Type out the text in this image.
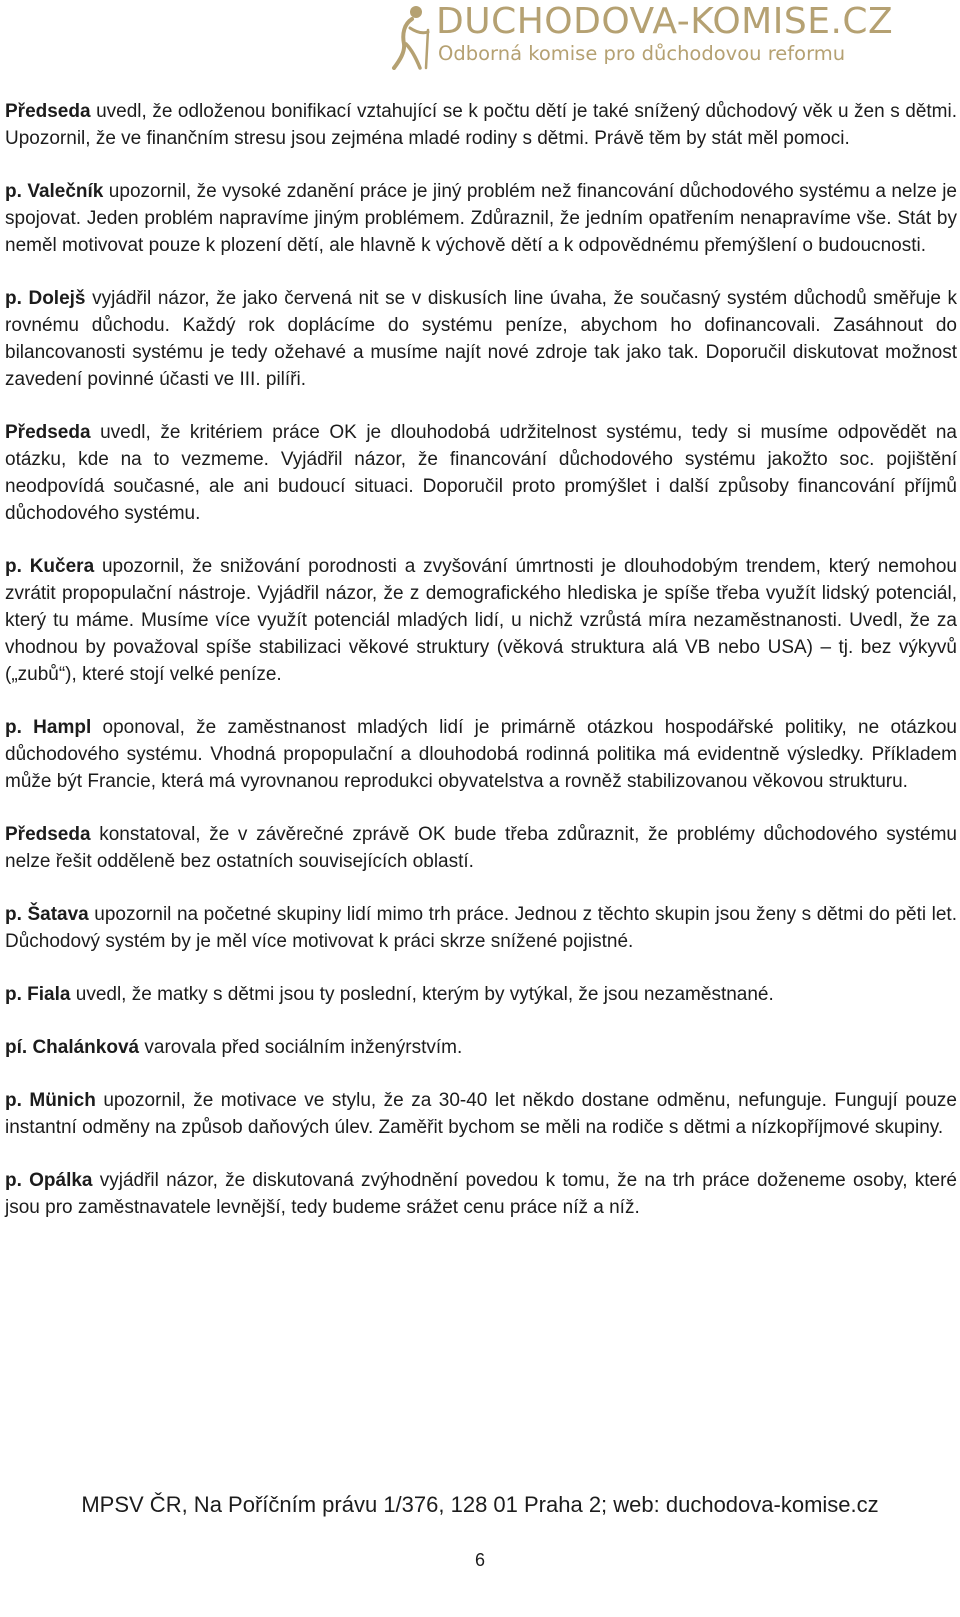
DUCHODOVA-KOMISE.CZ
Odborná komise pro důchodovou reformu

Předseda uvedl, že odloženou bonifikací vztahující se k počtu dětí je také snížený důchodový věk u žen s dětmi. Upozornil, že ve finančním stresu jsou zejména mladé rodiny s dětmi. Právě těm by stát měl pomoci.

p. Valečník upozornil, že vysoké zdanění práce je jiný problém než financování důchodového systému a nelze je spojovat. Jeden problém napravíme jiným problémem. Zdůraznil, že jedním opatřením nenapravíme vše. Stát by neměl motivovat pouze k plození dětí, ale hlavně k výchově dětí a k odpovědnému přemýšlení o budoucnosti.

p. Dolejš vyjádřil názor, že jako červená nit se v diskusích line úvaha, že současný systém důchodů směřuje k rovnému důchodu. Každý rok doplácíme do systému peníze, abychom ho dofinancovali. Zasáhnout do bilancovanosti systému je tedy ožehavé a musíme najít nové zdroje tak jako tak. Doporučil diskutovat možnost zavedení povinné účasti ve III. pilíři.

Předseda uvedl, že kritériem práce OK je dlouhodobá udržitelnost systému, tedy si musíme odpovědět na otázku, kde na to vezmeme. Vyjádřil názor, že financování důchodového systému jakožto soc. pojištění neodpovídá současné, ale ani budoucí situaci. Doporučil proto promýšlet i další způsoby financování příjmů důchodového systému.

p. Kučera upozornil, že snižování porodnosti a zvyšování úmrtnosti je dlouhodobým trendem, který nemohou zvrátit propopulační nástroje. Vyjádřil názor, že z demografického hlediska je spíše třeba využít lidský potenciál, který tu máme. Musíme více využít potenciál mladých lidí, u nichž vzrůstá míra nezaměstnanosti. Uvedl, že za vhodnou by považoval spíše stabilizaci věkové struktury (věková struktura alá VB nebo USA) – tj. bez výkyvů („zubů“), které stojí velké peníze.

p. Hampl oponoval, že zaměstnanost mladých lidí je primárně otázkou hospodářské politiky, ne otázkou důchodového systému. Vhodná propopulační a dlouhodobá rodinná politika má evidentně výsledky. Příkladem může být Francie, která má vyrovnanou reprodukci obyvatelstva a rovněž stabilizovanou věkovou strukturu.

Předseda konstatoval, že v závěrečné zprávě OK bude třeba zdůraznit, že problémy důchodového systému nelze řešit odděleně bez ostatních souvisejících oblastí.

p. Šatava upozornil na početné skupiny lidí mimo trh práce. Jednou z těchto skupin jsou ženy s dětmi do pěti let. Důchodový systém by je měl více motivovat k práci skrze snížené pojistné.

p. Fiala uvedl, že matky s dětmi jsou ty poslední, kterým by vytýkal, že jsou nezaměstnané.

pí. Chalánková varovala před sociálním inženýrstvím.

p. Münich upozornil, že motivace ve stylu, že za 30-40 let někdo dostane odměnu, nefunguje. Fungují pouze instantní odměny na způsob daňových úlev. Zaměřit bychom se měli na rodiče s dětmi a nízkopříjmové skupiny.

p. Opálka vyjádřil názor, že diskutovaná zvýhodnění povedou k tomu, že na trh práce doženeme osoby, které jsou pro zaměstnavatele levnější, tedy budeme srážet cenu práce níž a níž.

MPSV ČR, Na Poříčním právu 1/376, 128 01 Praha 2; web: duchodova-komise.cz
6
